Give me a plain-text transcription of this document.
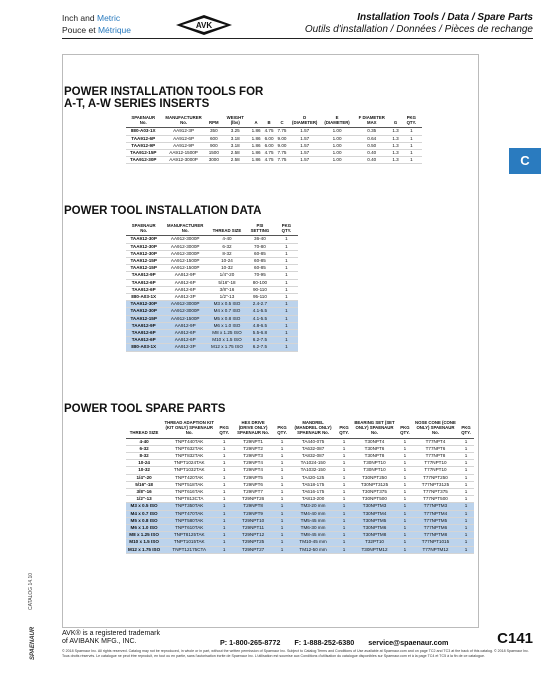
Inch and Metric
Pouce et Métrique	AVK
Installation Tools / Data / Spare Parts
Outils d'installation / Données / Pièces de rechange
C
CATALOG 14.10
SPAENAUR
POWER INSTALLATION TOOLS FOR
A-T, A-W SERIES INSERTS
SPAENAUR No.	MANUFACTURER No.	RPM	WEIGHT (lbs)	A	B	C	D (DIAMETER)	E (DIAMETER)	F DIAMETER MAX	G	PKG QTY.
880-A03-1X	AA912-3P	350	3.25	1.86	4.75	7.75	1.57	1.00	0.35	1.3	1
TAA912-6P	AA912-6P	600	3.18	1.86	6.00	9.00	1.57	1.00	0.64	1.3	1
TAA912-9P	AA912-9P	900	3.18	1.86	6.00	9.00	1.57	1.00	0.50	1.3	1
TAA912-15P	AA912-1500P	1500	2.58	1.86	4.75	7.75	1.57	1.00	0.40	1.3	1
TAA912-30P	AA912-3000P	3000	2.58	1.86	4.75	7.75	1.57	1.00	0.40	1.3	1
POWER TOOL INSTALLATION DATA
SPAENAUR No.	MANUFACTURER No.	THREAD SIZE	PSI SETTING	PKG QTY.
TAA912-30P	AA912-3000P	4-40	36-40	1
TAA912-30P	AA912-3000P	6-32	70-80	1
TAA912-30P	AA912-3000P	8-32	60-85	1
TAA912-15P	AA912-1500P	10-24	60-85	1
TAA912-15P	AA912-1500P	10-32	60-85	1
TAA912-9P	AA912-9P	1/4"-20	70-95	1
TAA912-6P	AA912-6P	5/16"-18	80-100	1
TAA912-6P	AA912-6P	3/8"-16	90-110	1
880-A03-1X	AA912-3P	1/2"-13	95-110	1
TAA912-30P	AA912-3000P	M3 x 0.5 ISO	2.4-2.7	1
TAA912-30P	AA912-3000P	M4 x 0.7 ISO	4.1-5.5	1
TAA912-15P	AA912-1500P	M5 x 0.8 ISO	4.1-5.5	1
TAA912-9P	AA912-9P	M6 x 1.0 ISO	4.8-6.5	1
TAA912-6P	AA912-6P	M8 x 1.25 ISO	5.5-6.8	1
TAA912-6P	AA912-6P	M10 x 1.5 ISO	6.2-7.5	1
880-A03-1X	AA912-3P	M12 x 1.75 ISO	6.2-7.5	1
POWER TOOL SPARE PARTS
THREAD SIZE	THREAD ADAPTION KIT (KIT ONLY) SPAENAUR No.	PKG QTY.	HEX DRIVE (DRIVE ONLY) SPAENAUR No.	PKG QTY.	MANDREL (MANDREL ONLY) SPAENAUR No.	PKG QTY.	BEARING SET (SET ONLY) SPAENAUR No.	PKG QTY.	NOSE CONE (CONE ONLY) SPAENAUR No.	PKG QTY.
4-40	TNPT440TAK	1	T29NPT1	1	TA440-075	1	T30NPT4	1	T77NPT4	1
6-32	TNPT632TAK	1	T29NPT2	1	TA632-087	1	T30NPT6	1	T77NPT6	1
8-32	TNPT832TAK	1	T29NPT3	1	TA832-087	1	T30NPT8	1	T77NPT8	1
10-24	TNPT1024TAK	1	T29NPT4	1	TA1024-150	1	T30NPT10	1	T77NPT10	1
10-32	TNPT1032TAK	1	T29NPT4	1	TA1032-150	1	T30NPT10	1	T77NPT10	1
1/4"-20	TNPT420TAK	1	T29NPT5	1	TA420-125	1	T30NPT250	1	T77NPT250	1
5/16"-18	TNPT518TAK	1	T29NPT6	1	TA518-175	1	T30NPT3125	1	T77NPT3125	1
3/8"-16	TNPT616TAK	1	T29NPT7	1	TA616-175	1	T30NPT375	1	T77NPT375	1
1/2"-13	TNPT813CTA	1	T29NPT26	1	TA813-200	1	T30NPT500	1	T77NPT500	1
M3 x 0.5 ISO	TNPT350TAK	1	T29NPT8	1	TM3-20 mm	1	T30NPTM3	1	T77NPTM3	1
M4 x 0.7 ISO	TNPT470TAK	1	T29NPT9	1	TM4-40 mm	1	T30NPTM4	1	T77NPTM4	1
M5 x 0.8 ISO	TNPT580TAK	1	T29NPT10	1	TM5-45 mm	1	T30NPTM5	1	T77NPTM5	1
M6 x 1.0 ISO	TNPT610TAK	1	T29NPT11	1	TM6-30 mm	1	T30NPTM6	1	T77NPTM6	1
M8 x 1.25 ISO	TNPT8125TAK	1	T29NPT12	1	TM8-45 mm	1	T30NPTM8	1	T77NPTM8	1
M10 x 1.5 ISO	TNPT1015TAK	1	T29NPT25	1	TM10-45 mm	1	T32PT10	1	T77NPT1015	1
M12 x 1.75 ISO	TNPT12175CTA	1	T29NPT27	1	TM12-50 mm	1	T30NPTM12	1	T77NPTM12	1
AVK® is a registered trademark
of AVIBANK MFG., INC.	P: 1-800-265-8772 F: 1-888-252-6380 service@spaenaur.com	C141
© 2018 Spaenaur Inc. All rights reserved. Catalog may not be reproduced, in whole or in part, without the written permission of Spaenaur Inc. Subject to Catalog Terms and Conditions of Use available at Spaenaur.com and on page TC2 and TC3 at the back of this catalog. © 2018 Spaenaur Inc. Tous droits réservés. Le catalogue ne peut être reproduit, en tout ou en partie, sans l'autorisation écrite de Spaenaur Inc. L'utilisation est soumise aux Conditions d'utilisation du catalogue disponibles sur Spaenaur.com et à la page TC4 et TC5 à la fin de ce catalogue.
